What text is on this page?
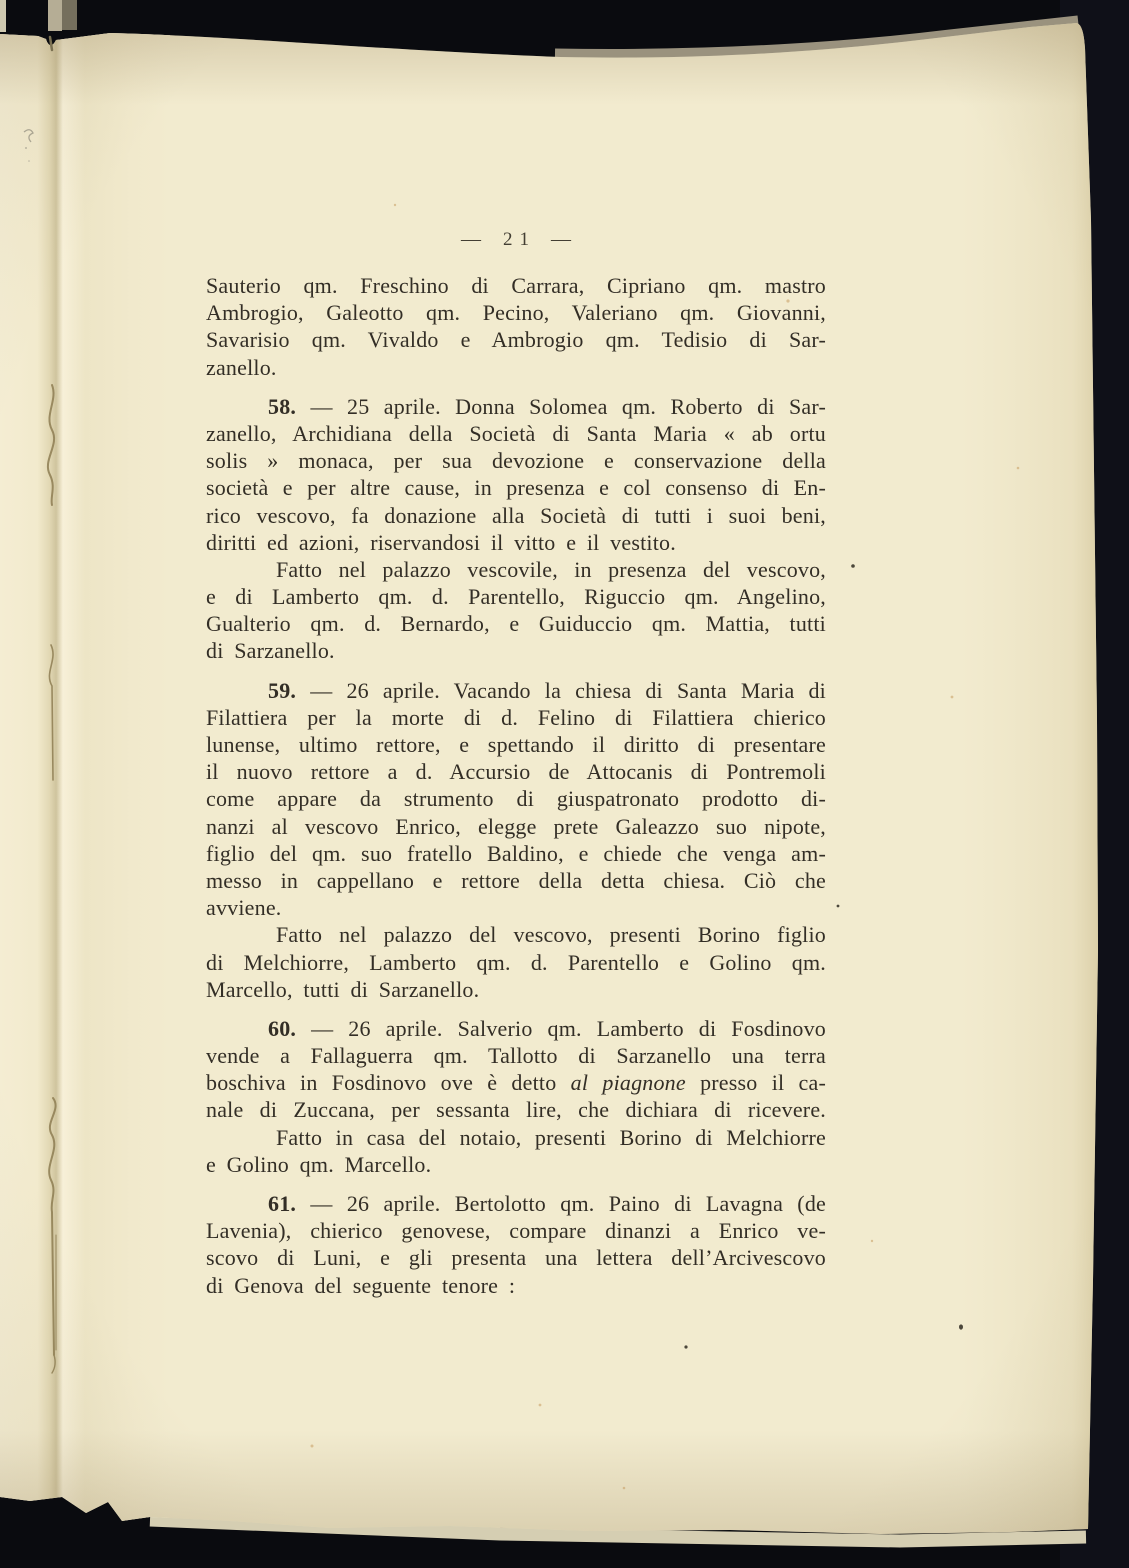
— 21 —
Sauterio qm. Freschino di Carrara, Cipriano qm. mastro
Ambrogio, Galeotto qm. Pecino, Valeriano qm. Giovanni,
Savarisio qm. Vivaldo e Ambrogio qm. Tedisio di Sar-
zanello.
58. — 25 aprile. Donna Solomea qm. Roberto di Sar-
zanello, Archidiana della Società di Santa Maria « ab ortu
solis » monaca, per sua devozione e conservazione della
società e per altre cause, in presenza e col consenso di En-
rico vescovo, fa donazione alla Società di tutti i suoi beni,
diritti ed azioni, riservandosi il vitto e il vestito.
Fatto nel palazzo vescovile, in presenza del vescovo,
e di Lamberto qm. d. Parentello, Riguccio qm. Angelino,
Gualterio qm. d. Bernardo, e Guiduccio qm. Mattia, tutti
di Sarzanello.
59. — 26 aprile. Vacando la chiesa di Santa Maria di
Filattiera per la morte di d. Felino di Filattiera chierico
lunense, ultimo rettore, e spettando il diritto di presentare
il nuovo rettore a d. Accursio de Attocanis di Pontremoli
come appare da strumento di giuspatronato prodotto di-
nanzi al vescovo Enrico, elegge prete Galeazzo suo nipote,
figlio del qm. suo fratello Baldino, e chiede che venga am-
messo in cappellano e rettore della detta chiesa. Ciò che
avviene.
Fatto nel palazzo del vescovo, presenti Borino figlio
di Melchiorre, Lamberto qm. d. Parentello e Golino qm.
Marcello, tutti di Sarzanello.
60. — 26 aprile. Salverio qm. Lamberto di Fosdinovo
vende a Fallaguerra qm. Tallotto di Sarzanello una terra
boschiva in Fosdinovo ove è detto al piagnone presso il ca-
nale di Zuccana, per sessanta lire, che dichiara di ricevere.
Fatto in casa del notaio, presenti Borino di Melchiorre
e Golino qm. Marcello.
61. — 26 aprile. Bertolotto qm. Paino di Lavagna (de
Lavenia), chierico genovese, compare dinanzi a Enrico ve-
scovo di Luni, e gli presenta una lettera dell’Arcivescovo
di Genova del seguente tenore :
